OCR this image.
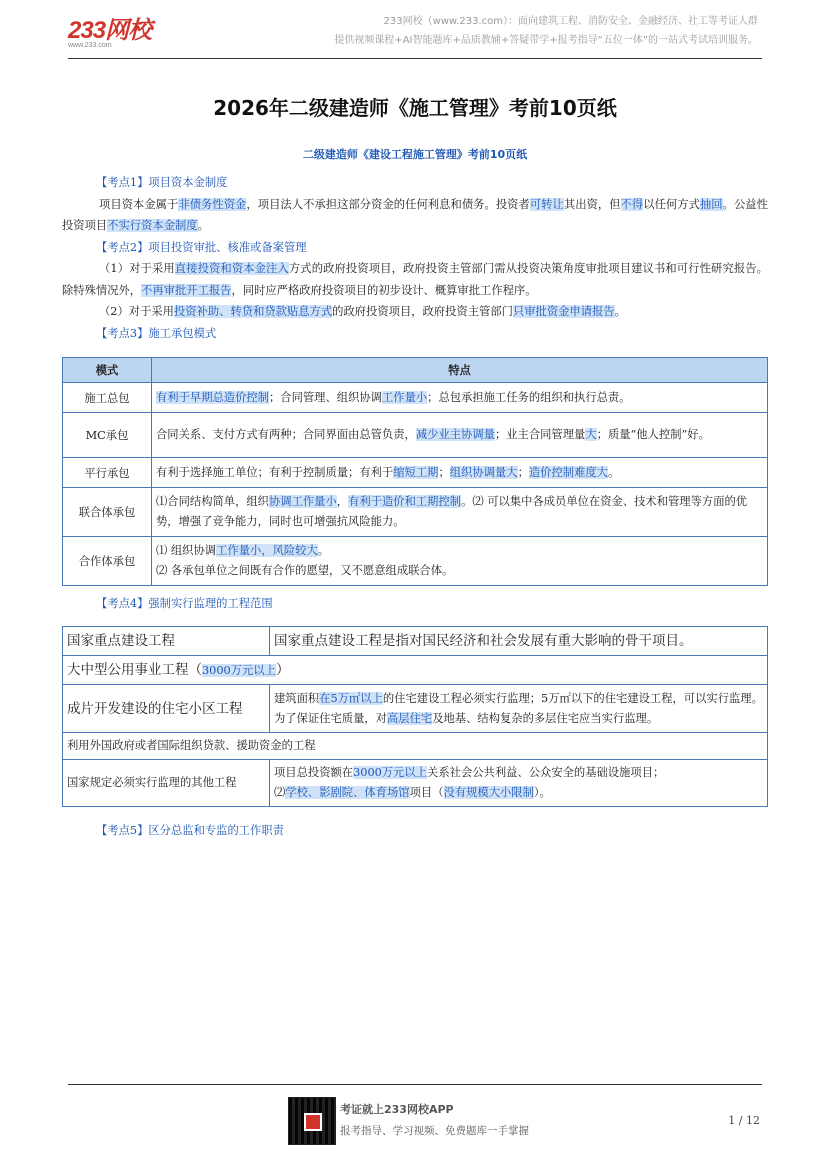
233网校
www.233.com
233网校（www.233.com）：面向建筑工程、消防安全、金融经济、社工等考证人群
提供视频课程+AI智能题库+品质教辅+答疑带学+报考指导“五位一体”的一站式考试培训服务。
2026年二级建造师《施工管理》考前10页纸
二级建造师《建设工程施工管理》考前10页纸
【考点1】项目资本金制度
项目资本金属于非债务性资金，项目法人不承担这部分资金的任何利息和债务。投资者可转让其出资，但不得以任何方式抽回。公益性投资项目不实行资本金制度。
【考点2】项目投资审批、核准或备案管理
（1）对于采用直接投资和资本金注入方式的政府投资项目，政府投资主管部门需从投资决策角度审批项目建议书和可行性研究报告。除特殊情况外，不再审批开工报告，同时应严格政府投资项目的初步设计、概算审批工作程序。
（2）对于采用投资补助、转贷和贷款贴息方式的政府投资项目，政府投资主管部门只审批资金申请报告。
【考点3】施工承包模式
模式	特点
施工总包	有利于早期总造价控制；合同管理、组织协调工作量小；总包承担施工任务的组织和执行总责。
MC承包	合同关系、支付方式有两种；合同界面由总管负责，减少业主协调量；业主合同管理量大；质量“他人控制”好。
平行承包	有利于选择施工单位；有利于控制质量；有利于缩短工期；组织协调量大；造价控制难度大。
联合体承包	⑴合同结构简单，组织协调工作量小，有利于造价和工期控制。⑵ 可以集中各成员单位在资金、技术和管理等方面的优势，增强了竞争能力，同时也可增强抗风险能力。
合作体承包	⑴ 组织协调工作量小，风险较大。
⑵ 各承包单位之间既有合作的愿望，又不愿意组成联合体。
【考点4】强制实行监理的工程范围
国家重点建设工程	国家重点建设工程是指对国民经济和社会发展有重大影响的骨干项目。
大中型公用事业工程（3000万元以上）	
成片开发建设的住宅小区工程	建筑面积在5万㎡以上的住宅建设工程必须实行监理；5万㎡以下的住宅建设工程，可以实行监理。为了保证住宅质量，对高层住宅及地基、结构复杂的多层住宅应当实行监理。
利用外国政府或者国际组织贷款、援助资金的工程	
国家规定必须实行监理的其他工程	项目总投资额在3000万元以上关系社会公共利益、公众安全的基础设施项目；
⑵学校、影剧院、体育场馆项目（没有规模大小限制）。
【考点5】区分总监和专监的工作职责
考证就上233网校APP
报考指导、学习视频、免费题库一手掌握
1 / 12
